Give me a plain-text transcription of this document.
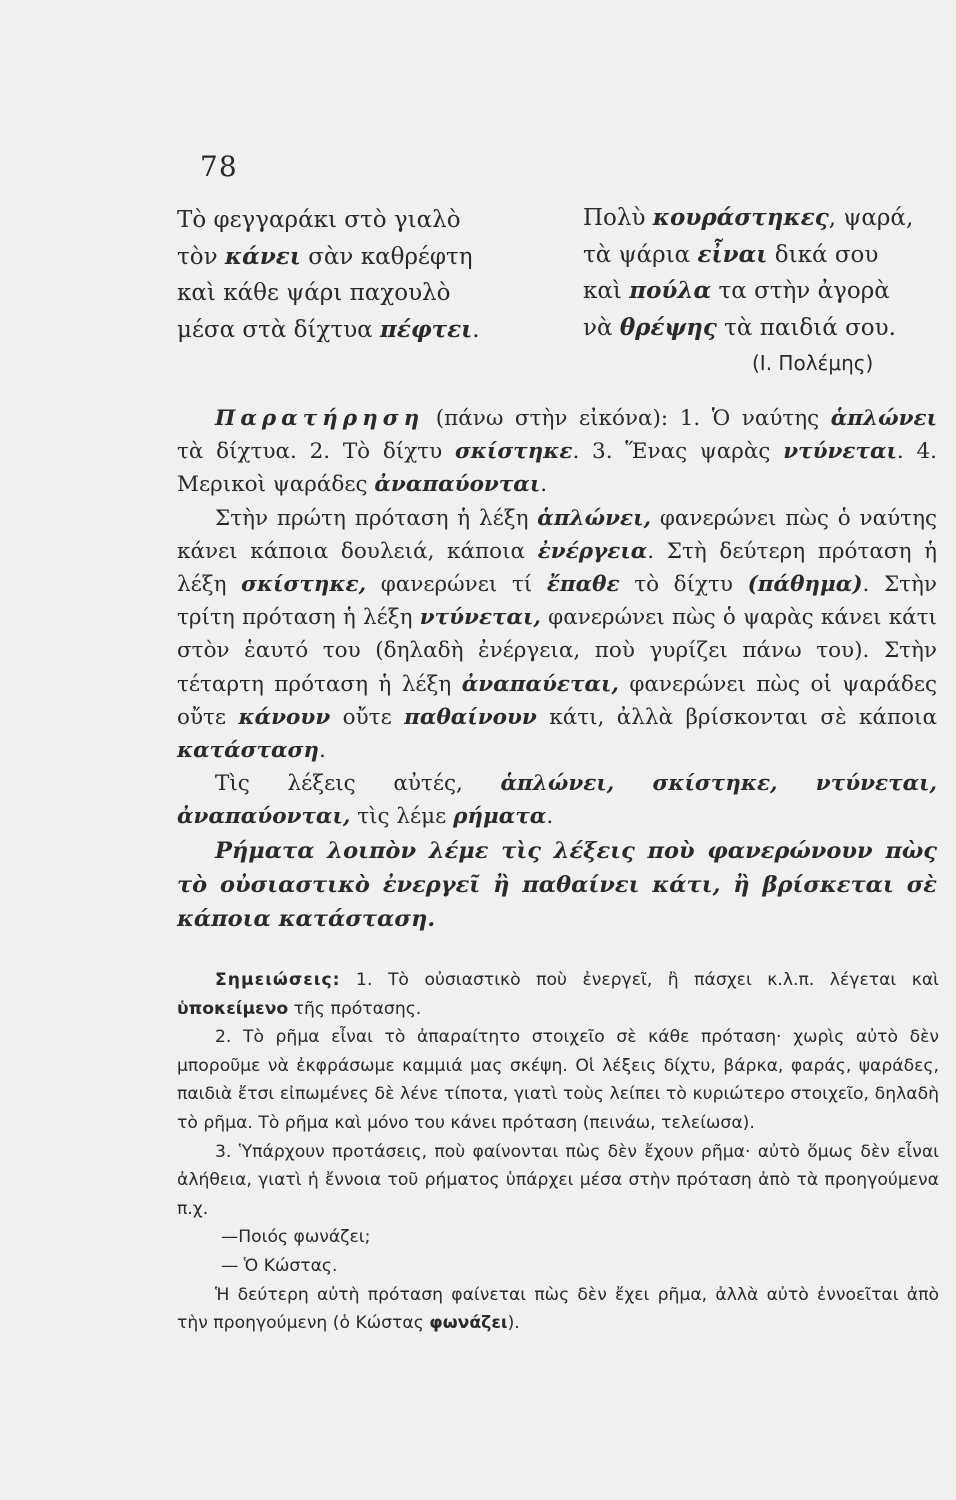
78
Τὸ φεγγαράκι στὸ γιαλὸ
τὸν κάνει σὰν καθρέφτη
καὶ κάθε ψάρι παχουλὸ
μέσα στὰ δίχτυα πέφτει.
Πολὺ κουράστηκες, ψαρά,
τὰ ψάρια εἶναι δικά σου
καὶ πούλα τα στὴν ἀγορὰ
νὰ θρέψης τὰ παιδιά σου.
(Ι. Πολέμης)

Παρατήρηση (πάνω στὴν εἰκόνα): 1. Ὁ ναύτης ἁπλώνει τὰ δίχτυα. 2. Τὸ δίχτυ σκίστηκε. 3. Ἕνας ψαρὰς ντύνεται. 4. Μερικοὶ ψαράδες ἀναπαύονται.

Στὴν πρώτη πρόταση ἡ λέξη ἁπλώνει, φανερώνει πὼς ὁ ναύτης κάνει κάποια δουλειά, κάποια ἐνέργεια. Στὴ δεύτερη πρόταση ἡ λέξη σκίστηκε, φανερώνει τί ἔπαθε τὸ δίχτυ (πάθημα). Στὴν τρίτη πρόταση ἡ λέξη ντύνεται, φανερώνει πὼς ὁ ψαρὰς κάνει κάτι στὸν ἑαυτό του (δηλαδὴ ἐνέργεια, ποὺ γυρίζει πάνω του). Στὴν τέταρτη πρόταση ἡ λέξη ἀναπαύεται, φανερώνει πὼς οἱ ψαράδες οὔτε κάνουν οὔτε παθαίνουν κάτι, ἀλλὰ βρίσκονται σὲ κάποια κατάσταση.

Τὶς λέξεις αὐτές, ἁπλώνει, σκίστηκε, ντύνεται, ἀναπαύονται, τὶς λέμε ρήματα.

Ρήματα λοιπὸν λέμε τὶς λέξεις ποὺ φανερώνουν πὼς τὸ οὐσιαστικὸ ἐνεργεῖ ἢ παθαίνει κάτι, ἢ βρίσκεται σὲ κάποια κατάσταση.

Σημειώσεις: 1. Τὸ οὐσιαστικὸ ποὺ ἐνεργεῖ, ἢ πάσχει κ.λ.π. λέγεται καὶ ὑποκείμενο τῆς πρότασης.

2. Τὸ ρῆμα εἶναι τὸ ἀπαραίτητο στοιχεῖο σὲ κάθε πρόταση· χωρὶς αὐτὸ δὲν μποροῦμε νὰ ἐκφράσωμε καμμιά μας σκέψη. Οἱ λέξεις δίχτυ, βάρκα, φαράς, ψαράδες, παιδιὰ ἔτσι εἰπωμένες δὲ λένε τίποτα, γιατὶ τοὺς λείπει τὸ κυριώτερο στοιχεῖο, δηλαδὴ τὸ ρῆμα. Τὸ ρῆμα καὶ μόνο του κάνει πρόταση (πεινάω, τελείωσα).

3. Ὑπάρχουν προτάσεις, ποὺ φαίνονται πὼς δὲν ἔχουν ρῆμα· αὐτὸ ὅμως δὲν εἶναι ἀλήθεια, γιατὶ ἡ ἔννοια τοῦ ρήματος ὑπάρχει μέσα στὴν πρόταση ἀπὸ τὰ προηγούμενα π.χ.

—Ποιός φωνάζει;

— Ὁ Κώστας.

Ἡ δεύτερη αὐτὴ πρόταση φαίνεται πὼς δὲν ἔχει ρῆμα, ἀλλὰ αὐτὸ ἐννοεῖται ἀπὸ τὴν προηγούμενη (ὁ Κώστας φωνάζει).
